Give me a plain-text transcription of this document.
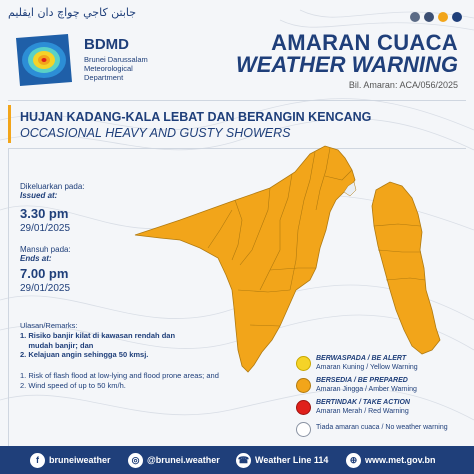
جابتن كاجي چواچ دان ايقليم
BDMD
Brunei Darussalam
Meteorological
Department
AMARAN CUACA
WEATHER WARNING
Bil. Amaran: ACA/056/2025
HUJAN KADANG-KALA LEBAT DAN BERANGIN KENCANG
OCCASIONAL HEAVY AND GUSTY SHOWERS
Dikeluarkan pada:
Issued at:
3.30 pm
29/01/2025
Mansuh pada:
Ends at:
7.00 pm
29/01/2025
Ulasan/Remarks:
1. Risiko banjir kilat di kawasan rendah dan
mudah banjir; dan
2. Kelajuan angin sehingga 50 kmsj.
1. Risk of flash flood at low-lying and flood prone areas; and
2. Wind speed of up to 50 km/h.
BERWASPADA / BE ALERT
Amaran Kuning / Yellow Warning
BERSEDIA / BE PREPARED
Amaran Jingga / Amber Warning
BERTINDAK / TAKE ACTION
Amaran Merah / Red Warning
Tiada amaran cuaca / No weather warning
f	bruneiweather	◎ @brunei.weather ☎ Weather Line 114	⊕ www.met.gov.bn
